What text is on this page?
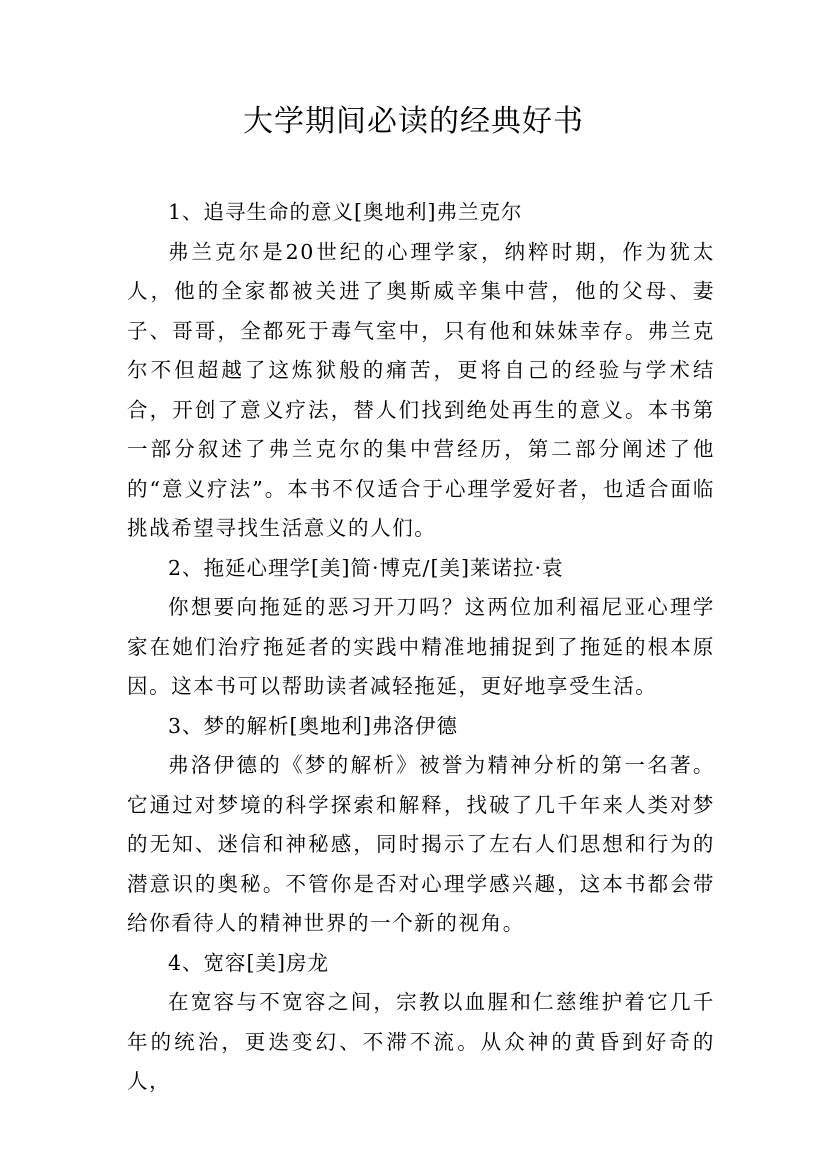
大学期间必读的经典好书

1、追寻生命的意义[奥地利]弗兰克尔

弗兰克尔是20世纪的心理学家，纳粹时期，作为犹太人，他的全家都被关进了奥斯威辛集中营，他的父母、妻子、哥哥，全都死于毒气室中，只有他和妹妹幸存。弗兰克尔不但超越了这炼狱般的痛苦，更将自己的经验与学术结合，开创了意义疗法，替人们找到绝处再生的意义。本书第一部分叙述了弗兰克尔的集中营经历，第二部分阐述了他的“意义疗法”。本书不仅适合于心理学爱好者，也适合面临挑战希望寻找生活意义的人们。

2、拖延心理学[美]简·博克/[美]莱诺拉·袁

你想要向拖延的恶习开刀吗？这两位加利福尼亚心理学家在她们治疗拖延者的实践中精准地捕捉到了拖延的根本原因。这本书可以帮助读者减轻拖延，更好地享受生活。

3、梦的解析[奥地利]弗洛伊德

弗洛伊德的《梦的解析》被誉为精神分析的第一名著。它通过对梦境的科学探索和解释，找破了几千年来人类对梦的无知、迷信和神秘感，同时揭示了左右人们思想和行为的潜意识的奥秘。不管你是否对心理学感兴趣，这本书都会带给你看待人的精神世界的一个新的视角。

4、宽容[美]房龙

在宽容与不宽容之间，宗教以血腥和仁慈维护着它几千年的统治，更迭变幻、不滞不流。从众神的黄昏到好奇的人，
